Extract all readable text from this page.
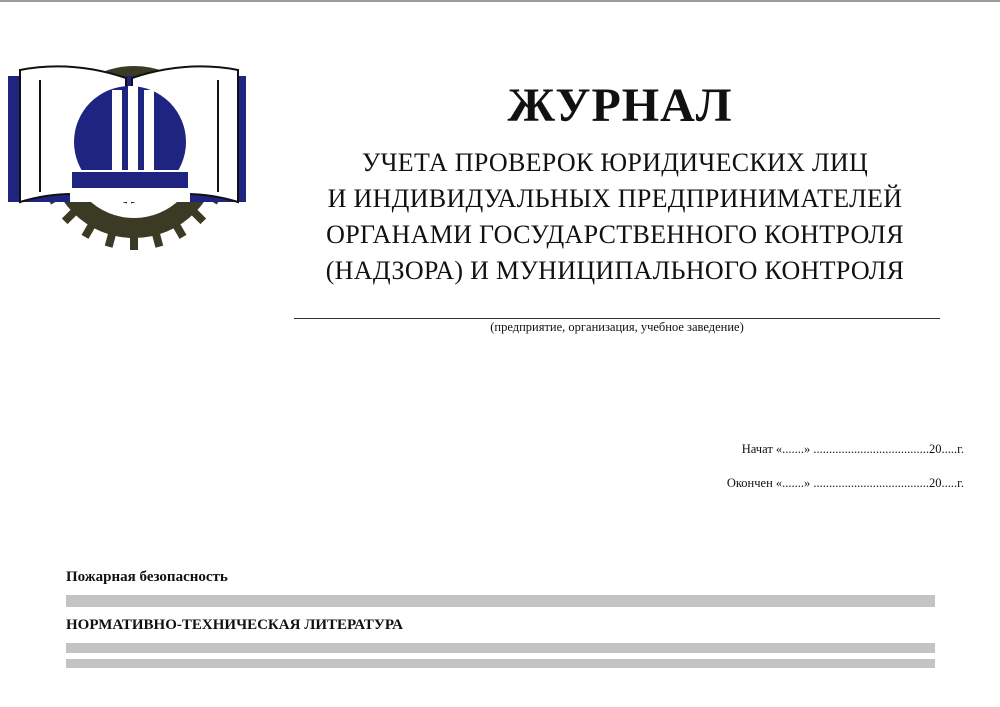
ЖУРНАЛ
УЧЕТА ПРОВЕРОК ЮРИДИЧЕСКИХ ЛИЦ
И ИНДИВИДУАЛЬНЫХ ПРЕДПРИНИМАТЕЛЕЙ
ОРГАНАМИ ГОСУДАРСТВЕННОГО КОНТРОЛЯ
(НАДЗОРА) И МУНИЦИПАЛЬНОГО КОНТРОЛЯ
(предприятие, организация, учебное заведение)
Начат «.......» .....................................20.....г.
Окончен «.......» .....................................20.....г.
Пожарная безопасность
НОРМАТИВНО-ТЕХНИЧЕСКАЯ ЛИТЕРАТУРА
